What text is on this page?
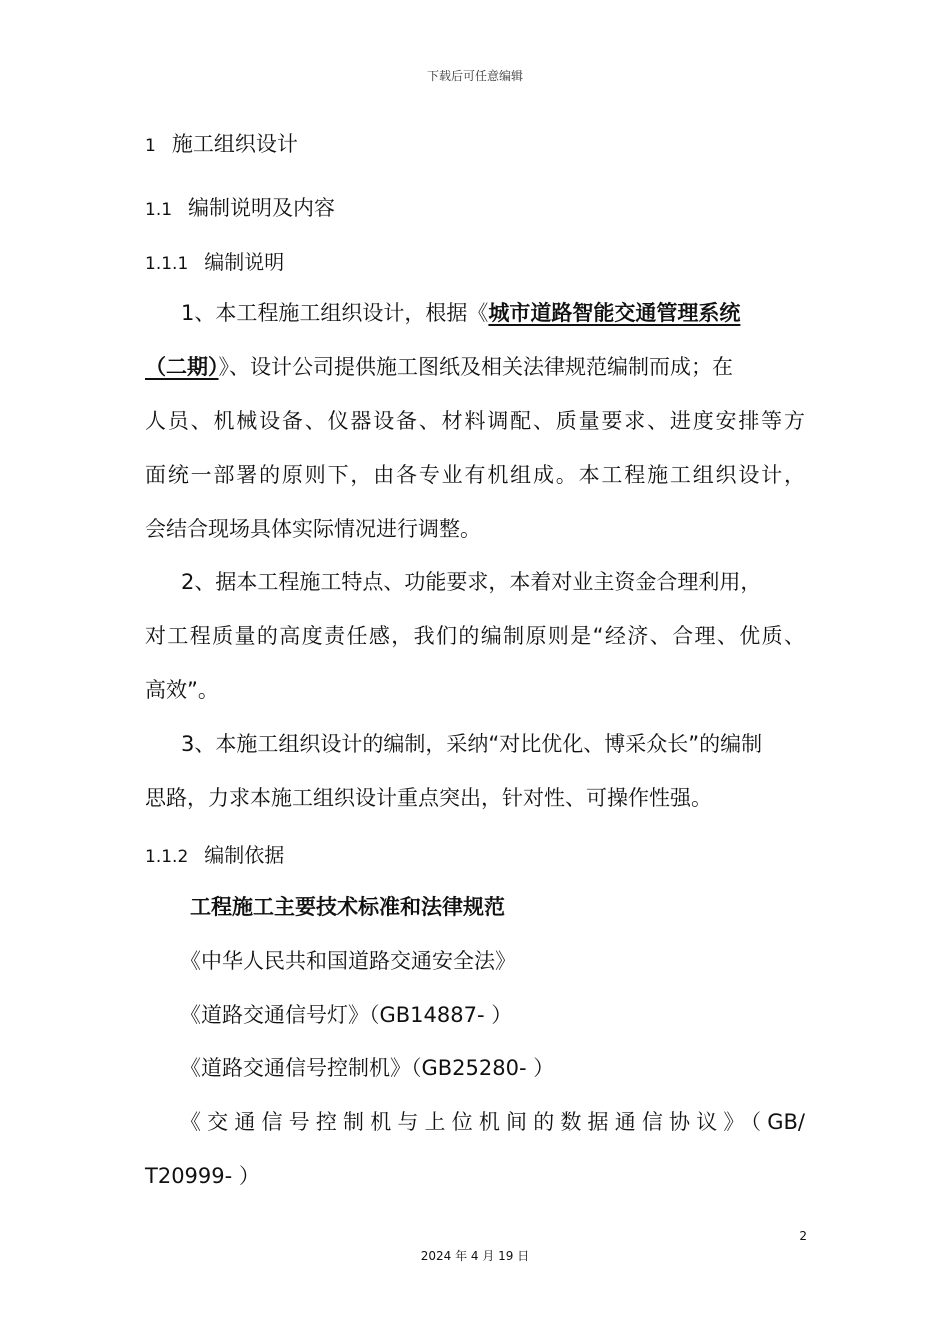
下载后可任意编辑
1 施工组织设计
1.1 编制说明及内容
1.1.1 编制说明
1、本工程施工组织设计，根据《城市道路智能交通管理系统
（二期）》、设计公司提供施工图纸及相关法律规范编制而成；在
人员、机械设备、仪器设备、材料调配、质量要求、进度安排等方
面统一部署的原则下，由各专业有机组成。本工程施工组织设计，
会结合现场具体实际情况进行调整。
2、据本工程施工特点、功能要求，本着对业主资金合理利用，
对工程质量的高度责任感，我们的编制原则是“经济、合理、优质、
高效”。
3、本施工组织设计的编制，采纳“对比优化、博采众长”的编制
思路，力求本施工组织设计重点突出，针对性、可操作性强。
1.1.2 编制依据
工程施工主要技术标准和法律规范
《中华人民共和国道路交通安全法》
《道路交通信号灯》（GB14887- ）
《道路交通信号控制机》（GB25280- ）
《交通信号控制机与上位机间的数据通信协议》（GB/
T20999- ）
2
2024 年 4 月 19 日
